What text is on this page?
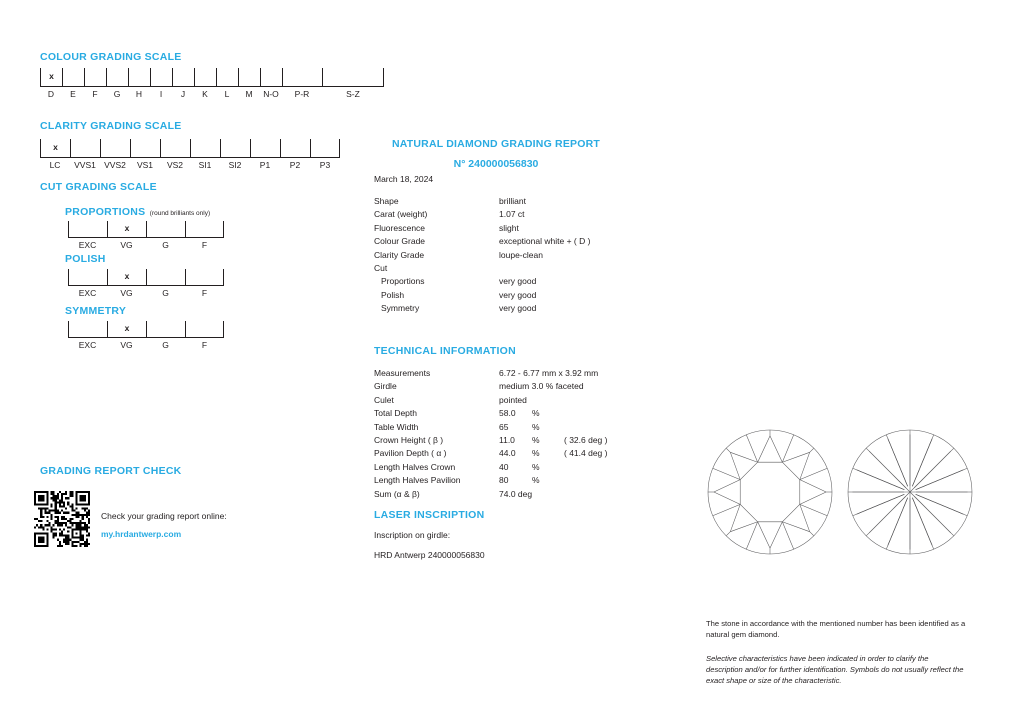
COLOUR GRADING SCALE
x
D	E	F	G	H	I	J	K	L	M	N-O	P-R	S-Z
CLARITY GRADING SCALE
x
LC	VVS1 VVS2	VS1	VS2	SI1	SI2	P1	P2	P3
CUT GRADING SCALE
PROPORTIONS (round brilliants only)
x
EXC	VG	G	F
POLISH
x
EXC	VG	G	F
SYMMETRY
x
EXC	VG	G	F
GRADING REPORT CHECK
Check your grading report online:
my.hrdantwerp.com
NATURAL DIAMOND GRADING REPORT
N° 240000056830
March 18, 2024
Shape	brilliant
Carat (weight)	1.07 ct
Fluorescence	slight
Colour Grade	exceptional white + ( D )
Clarity Grade	loupe-clean
Cut
Proportions	very good
Polish	very good
Symmetry	very good
TECHNICAL INFORMATION
Measurements	6.72 - 6.77 mm x 3.92 mm
Girdle	medium 3.0 % faceted
Culet	pointed
Total Depth	58.0	%
Table Width	65	%
Crown Height ( β )	11.0	%	( 32.6 deg )
Pavilion Depth ( α )	44.0	%	( 41.4 deg )
Length Halves Crown	40	%
Length Halves Pavilion	80	%
Sum (α & β)	74.0 deg
LASER INSCRIPTION
Inscription on girdle:
HRD Antwerp 240000056830
The stone in accordance with the mentioned number has been identified as a natural gem diamond.
Selective characteristics have been indicated in order to clarify the description and/or for further identification. Symbols do not usually reflect the exact shape or size of the characteristic.
